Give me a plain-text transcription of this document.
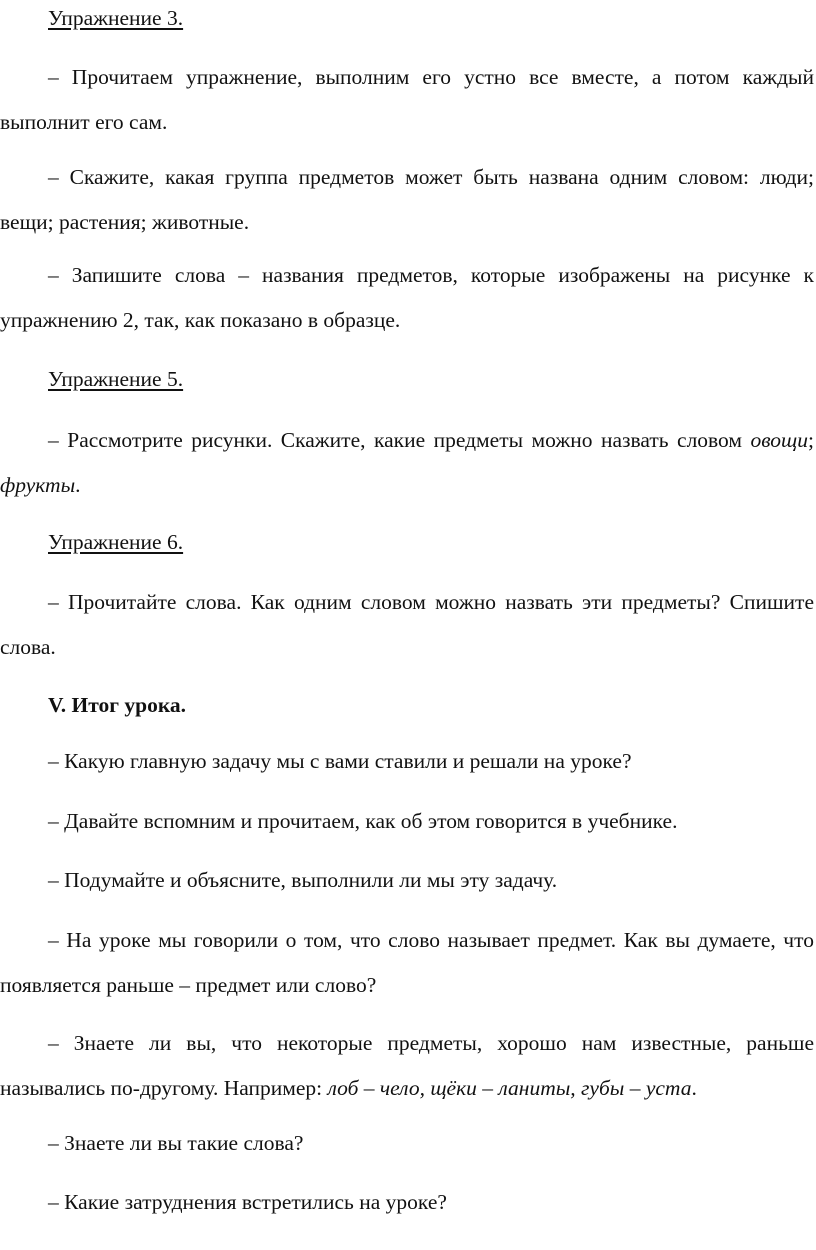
Упражнение 3.

– Прочитаем упражнение, выполним его устно все вместе, а потом каждый выполнит его сам.

– Скажите, какая группа предметов может быть названа одним словом: люди; вещи; растения; животные.

– Запишите слова – названия предметов, которые изображены на рисунке к упражнению 2, так, как показано в образце.

Упражнение 5.

– Рассмотрите рисунки. Скажите, какие предметы можно назвать словом овощи; фрукты.

Упражнение 6.

– Прочитайте слова. Как одним словом можно назвать эти предметы? Спишите слова.

V. Итог урока.

– Какую главную задачу мы с вами ставили и решали на уроке?

– Давайте вспомним и прочитаем, как об этом говорится в учебнике.

– Подумайте и объясните, выполнили ли мы эту задачу.

– На уроке мы говорили о том, что слово называет предмет. Как вы думаете, что появляется раньше – предмет или слово?

– Знаете ли вы, что некоторые предметы, хорошо нам известные, раньше назывались по-другому. Например: лоб – чело, щёки – ланиты, губы – уста.

– Знаете ли вы такие слова?

– Какие затруднения встретились на уроке?
